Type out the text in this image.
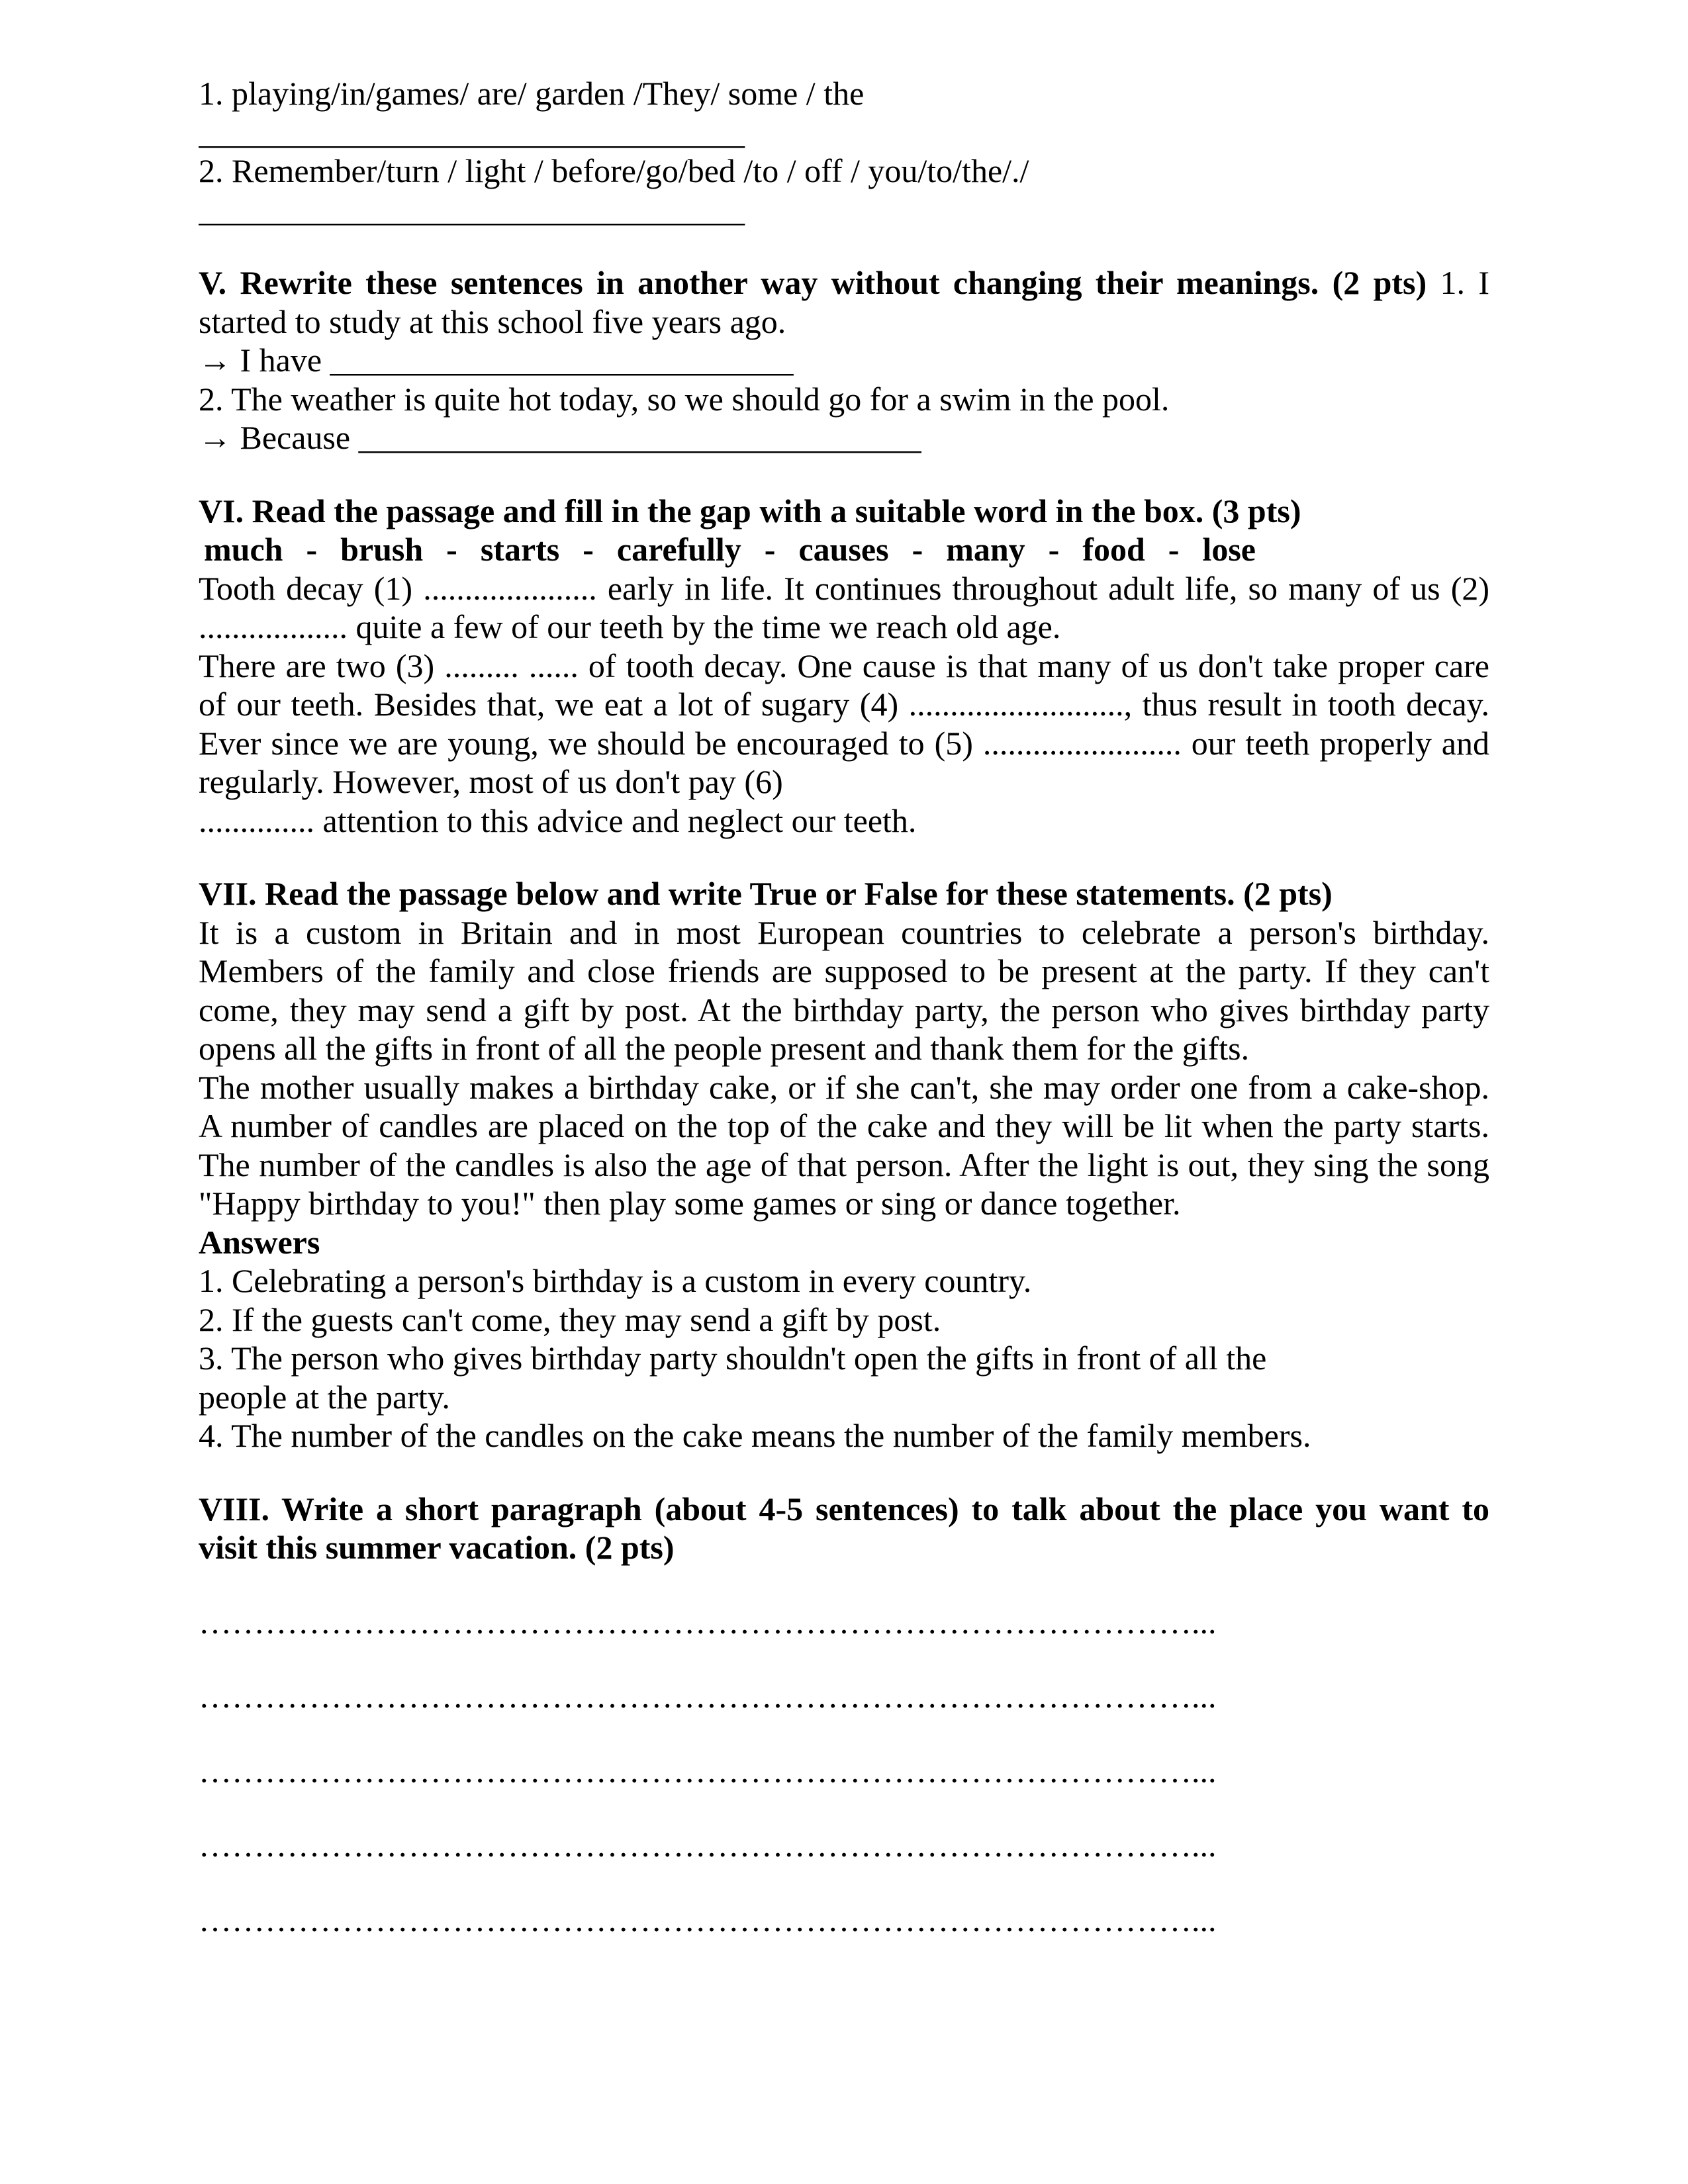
1. playing/in/games/ are/ garden /They/ some / the
_________________________________
2. Remember/turn / light / before/go/bed /to / off / you/to/the/./
_________________________________

V. Rewrite these sentences in another way without changing their meanings. (2 pts) 1. I started to study at this school five years ago.

→ I have ____________________________
2. The weather is quite hot today, so we should go for a swim in the pool.
→ Because __________________________________
VI. Read the passage and fill in the gap with a suitable word in the box. (3 pts)
much - brush - starts - carefully - causes - many - food - lose

Tooth decay (1) ..................... early in life. It continues throughout adult life, so many of us (2) .................. quite a few of our teeth by the time we reach old age.

There are two (3) ......... ...... of tooth decay. One cause is that many of us don't take proper care of our teeth. Besides that, we eat a lot of sugary (4) .........................., thus result in tooth decay. Ever since we are young, we should be encouraged to (5) ........................ our teeth properly and regularly. However, most of us don't pay (6)

.............. attention to this advice and neglect our teeth.
VII. Read the passage below and write True or False for these statements. (2 pts)

It is a custom in Britain and in most European countries to celebrate a person's birthday. Members of the family and close friends are supposed to be present at the party. If they can't come, they may send a gift by post. At the birthday party, the person who gives birthday party opens all the gifts in front of all the people present and thank them for the gifts.

The mother usually makes a birthday cake, or if she can't, she may order one from a cake-shop. A number of candles are placed on the top of the cake and they will be lit when the party starts. The number of the candles is also the age of that person. After the light is out, they sing the song "Happy birthday to you!" then play some games or sing or dance together.

Answers
1. Celebrating a person's birthday is a custom in every country.
2. If the guests can't come, they may send a gift by post.
3. The person who gives birthday party shouldn't open the gifts in front of all the
people at the party.
4. The number of the candles on the cake means the number of the family members.

VIII. Write a short paragraph (about 4-5 sentences) to talk about the place you want to visit this summer vacation. (2 pts)

………………………………………………………………………………...
………………………………………………………………………………...
………………………………………………………………………………...
………………………………………………………………………………...
………………………………………………………………………………...
